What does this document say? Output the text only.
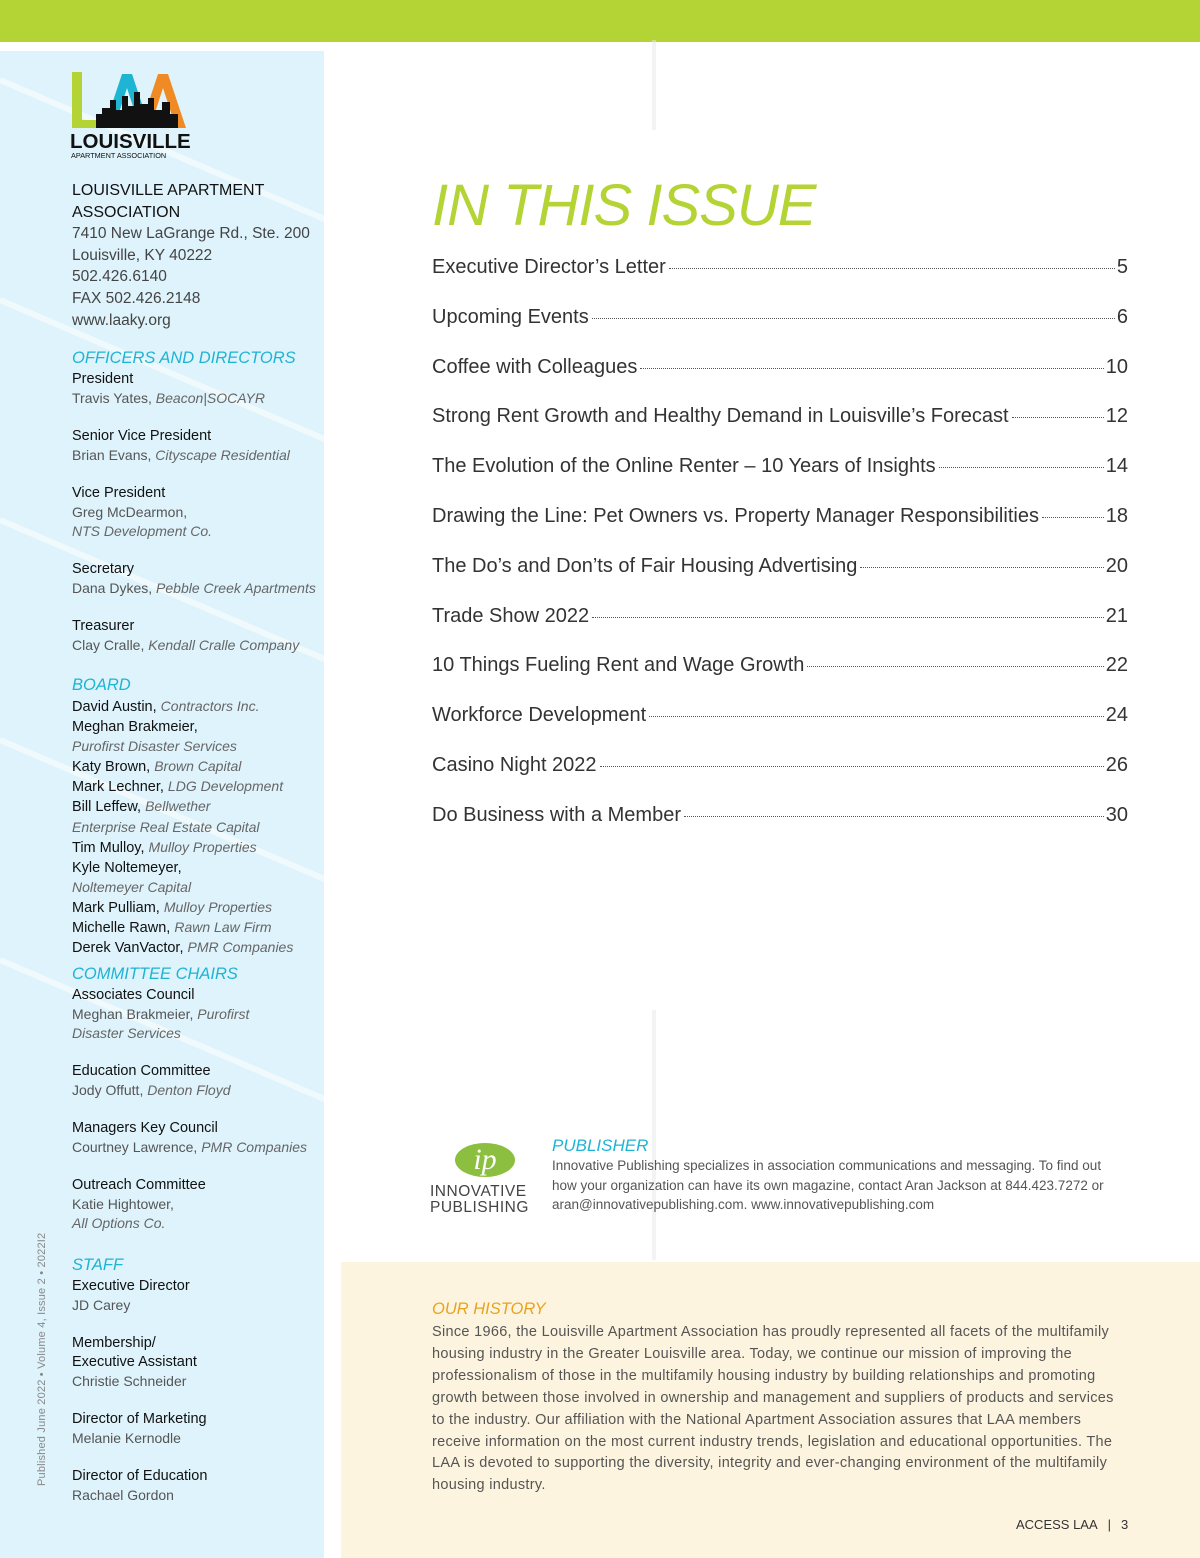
LOUISVILLE
APARTMENT ASSOCIATION
LOUISVILLE APARTMENT
ASSOCIATION
7410 New LaGrange Rd., Ste. 200
Louisville, KY 40222
502.426.6140
FAX 502.426.2148
www.laaky.org
OFFICERS AND DIRECTORS
President
Travis Yates, Beacon|SOCAYR
Senior Vice President
Brian Evans, Cityscape Residential
Vice President
Greg McDearmon,
NTS Development Co.
Secretary
Dana Dykes, Pebble Creek Apartments
Treasurer
Clay Cralle, Kendall Cralle Company
BOARD
David Austin, Contractors Inc.
Meghan Brakmeier,
Purofirst Disaster Services
Katy Brown, Brown Capital
Mark Lechner, LDG Development
Bill Leffew, Bellwether
Enterprise Real Estate Capital
Tim Mulloy, Mulloy Properties
Kyle Noltemeyer,
Noltemeyer Capital
Mark Pulliam, Mulloy Properties
Michelle Rawn, Rawn Law Firm
Derek VanVactor, PMR Companies
COMMITTEE CHAIRS
Associates Council
Meghan Brakmeier, Purofirst
Disaster Services
Education Committee
Jody Offutt, Denton Floyd
Managers Key Council
Courtney Lawrence, PMR Companies
Outreach Committee
Katie Hightower,
All Options Co.
STAFF
Executive Director
JD Carey
Membership/
Executive Assistant
Christie Schneider
Director of Marketing
Melanie Kernodle
Director of Education
Rachael Gordon
Published June 2022 • Volume 4, Issue 2 • 2022I2
IN THIS ISSUE
Executive Director’s Letter	5
Upcoming Events	6
Coffee with Colleagues	10
Strong Rent Growth and Healthy Demand in Louisville’s Forecast	12
The Evolution of the Online Renter – 10 Years of Insights	14
Drawing the Line: Pet Owners vs. Property Manager Responsibilities	18
The Do’s and Don’ts of Fair Housing Advertising	20
Trade Show 2022	21
10 Things Fueling Rent and Wage Growth	22
Workforce Development	24
Casino Night 2022	26
Do Business with a Member	30
ip
INNOVATIVE
PUBLISHING
PUBLISHER
Innovative Publishing specializes in association communications and messaging. To find out
how your organization can have its own magazine, contact Aran Jackson at 844.423.7272 or
aran@innovativepublishing.com. www.innovativepublishing.com
OUR HISTORY
Since 1966, the Louisville Apartment Association has proudly represented all facets of the multifamily housing industry in the Greater Louisville area. Today, we continue our mission of improving the professionalism of those in the multifamily housing industry by building relationships and promoting growth between those involved in ownership and management and suppliers of products and services to the industry. Our affiliation with the National Apartment Association assures that LAA members receive information on the most current industry trends, legislation and educational opportunities. The LAA is devoted to supporting the diversity, integrity and ever-changing environment of the multifamily housing industry.
ACCESS LAA | 3
